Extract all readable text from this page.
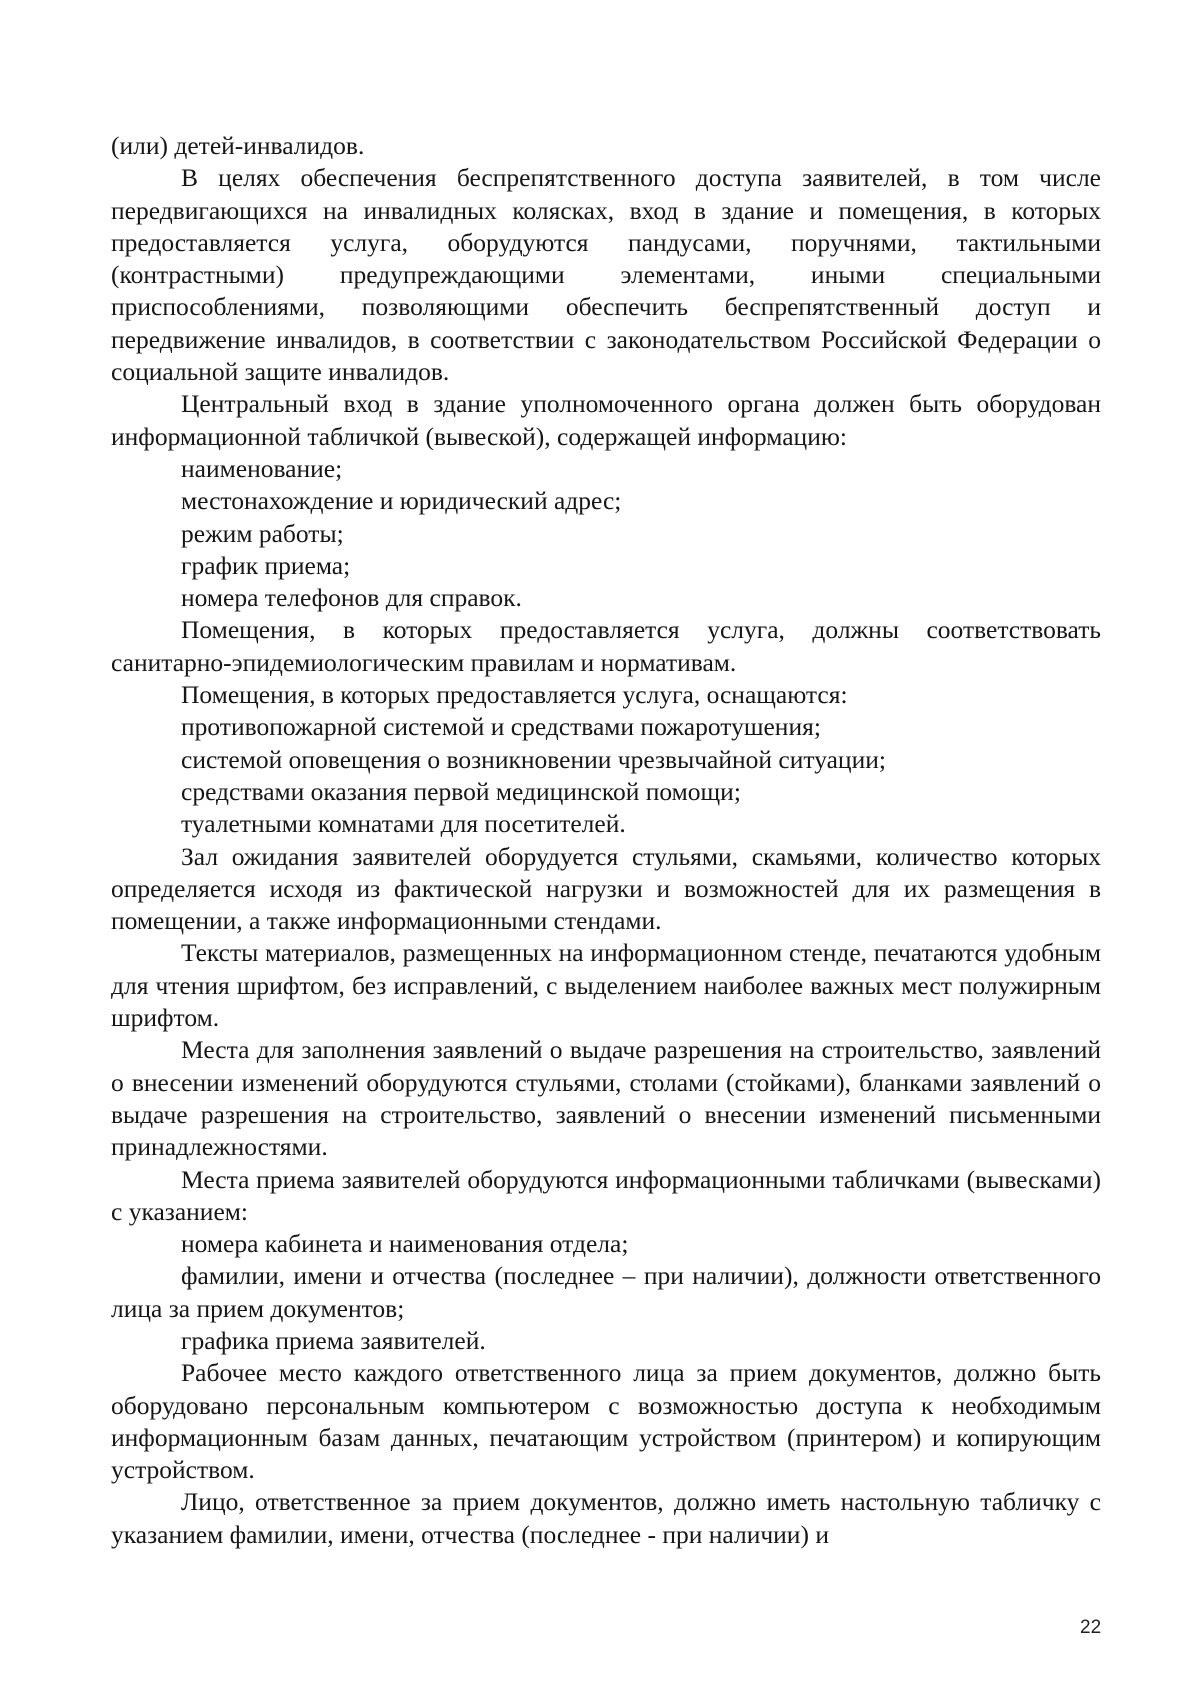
(или) детей-инвалидов.

В целях обеспечения беспрепятственного доступа заявителей, в том числе передвигающихся на инвалидных колясках, вход в здание и помещения, в которых предоставляется услуга, оборудуются пандусами, поручнями, тактильными (контрастными) предупреждающими элементами, иными специальными приспособлениями, позволяющими обеспечить беспрепятственный доступ и передвижение инвалидов, в соответствии с законодательством Российской Федерации о социальной защите инвалидов.

Центральный вход в здание уполномоченного органа должен быть оборудован информационной табличкой (вывеской), содержащей информацию:

наименование;

местонахождение и юридический адрес;

режим работы;

график приема;

номера телефонов для справок.

Помещения, в которых предоставляется услуга, должны соответствовать санитарно-эпидемиологическим правилам и нормативам.

Помещения, в которых предоставляется услуга, оснащаются:

противопожарной системой и средствами пожаротушения;

системой оповещения о возникновении чрезвычайной ситуации;

средствами оказания первой медицинской помощи;

туалетными комнатами для посетителей.

Зал ожидания заявителей оборудуется стульями, скамьями, количество которых определяется исходя из фактической нагрузки и возможностей для их размещения в помещении, а также информационными стендами.

Тексты материалов, размещенных на информационном стенде, печатаются удобным для чтения шрифтом, без исправлений, с выделением наиболее важных мест полужирным шрифтом.

Места для заполнения заявлений о выдаче разрешения на строительство, заявлений о внесении изменений оборудуются стульями, столами (стойками), бланками заявлений о выдаче разрешения на строительство, заявлений о внесении изменений письменными принадлежностями.

Места приема заявителей оборудуются информационными табличками (вывесками) с указанием:

номера кабинета и наименования отдела;

фамилии, имени и отчества (последнее – при наличии), должности ответственного лица за прием документов;

графика приема заявителей.

Рабочее место каждого ответственного лица за прием документов, должно быть оборудовано персональным компьютером с возможностью доступа к необходимым информационным базам данных, печатающим устройством (принтером) и копирующим устройством.

Лицо, ответственное за прием документов, должно иметь настольную табличку с указанием фамилии, имени, отчества (последнее - при наличии) и

22
